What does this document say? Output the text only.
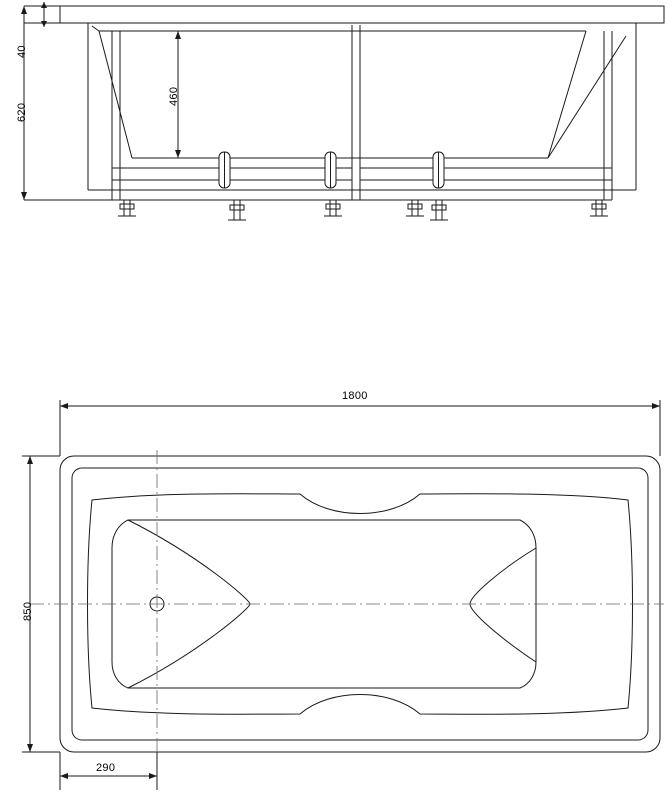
40
620
460
1800
850
290
